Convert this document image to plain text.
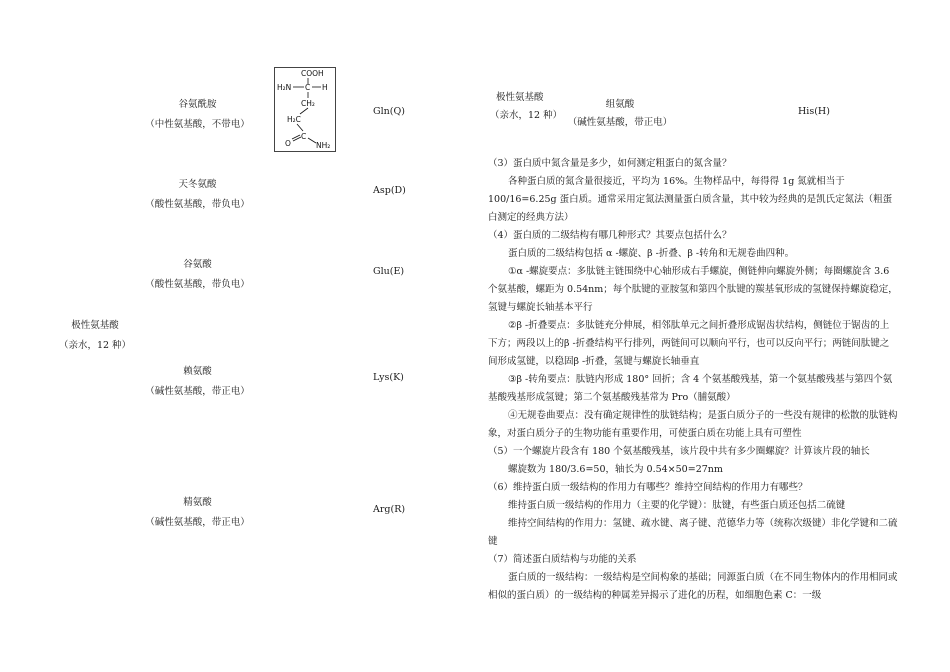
谷氨酰胺
（中性氨基酸，不带电）
Gln(Q)
COOH
H₂N C H
CH₂
H₂C
C
O	NH₂
天冬氨酸
（酸性氨基酸，带负电）
Asp(D)
谷氨酸
（酸性氨基酸，带负电）
Glu(E)
极性氨基酸
（亲水，12 种）
赖氨酸
（碱性氨基酸，带正电）
Lys(K)
精氨酸
（碱性氨基酸，带正电）
Arg(R)
极性氨基酸
（亲水，12 种）
组氨酸
（碱性氨基酸，带正电）
His(H)

（3）蛋白质中氮含量是多少，如何测定粗蛋白的氮含量？

各种蛋白质的氮含量很接近，平均为 16%。生物样品中，每得得 1g 氮就相当于 100/16=6.25g 蛋白质。通常采用定氮法测量蛋白质含量，其中较为经典的是凯氏定氮法（粗蛋白测定的经典方法）

（4）蛋白质的二级结构有哪几种形式？其要点包括什么？

蛋白质的二级结构包括 α -螺旋、β -折叠、β -转角和无规卷曲四种。

①α -螺旋要点：多肽链主链围绕中心轴形成右手螺旋，侧链伸向螺旋外侧；每圈螺旋含 3.6 个氨基酸，螺距为 0.54nm；每个肽键的亚胺氢和第四个肽键的羰基氧形成的氢键保持螺旋稳定，氢键与螺旋长轴基本平行

②β -折叠要点：多肽链充分伸展，相邻肽单元之间折叠形成锯齿状结构，侧链位于锯齿的上下方；两段以上的β -折叠结构平行排列，两链间可以顺向平行，也可以反向平行；两链间肽键之间形成氢键，以稳固β -折叠，氢键与螺旋长轴垂直

③β -转角要点：肽链内形成 180° 回折；含 4 个氨基酸残基，第一个氨基酸残基与第四个氨基酸残基形成氢键；第二个氨基酸残基常为 Pro（脯氨酸）

④无规卷曲要点：没有确定规律性的肽链结构；是蛋白质分子的一些没有规律的松散的肽链构象，对蛋白质分子的生物功能有重要作用，可使蛋白质在功能上具有可塑性

（5）一个螺旋片段含有 180 个氨基酸残基，该片段中共有多少圈螺旋？计算该片段的轴长

螺旋数为 180/3.6=50，轴长为 0.54×50=27nm

（6）维持蛋白质一级结构的作用力有哪些？维持空间结构的作用力有哪些？

维持蛋白质一级结构的作用力（主要的化学键）：肽键，有些蛋白质还包括二硫键

维持空间结构的作用力：氢键、疏水键、离子键、范德华力等（统称次级键）非化学键和二硫键

（7）简述蛋白质结构与功能的关系

蛋白质的一级结构：一级结构是空间构象的基础；同源蛋白质（在不同生物体内的作用相同或相似的蛋白质）的一级结构的种属差异揭示了进化的历程，如细胞色素 C：一级
